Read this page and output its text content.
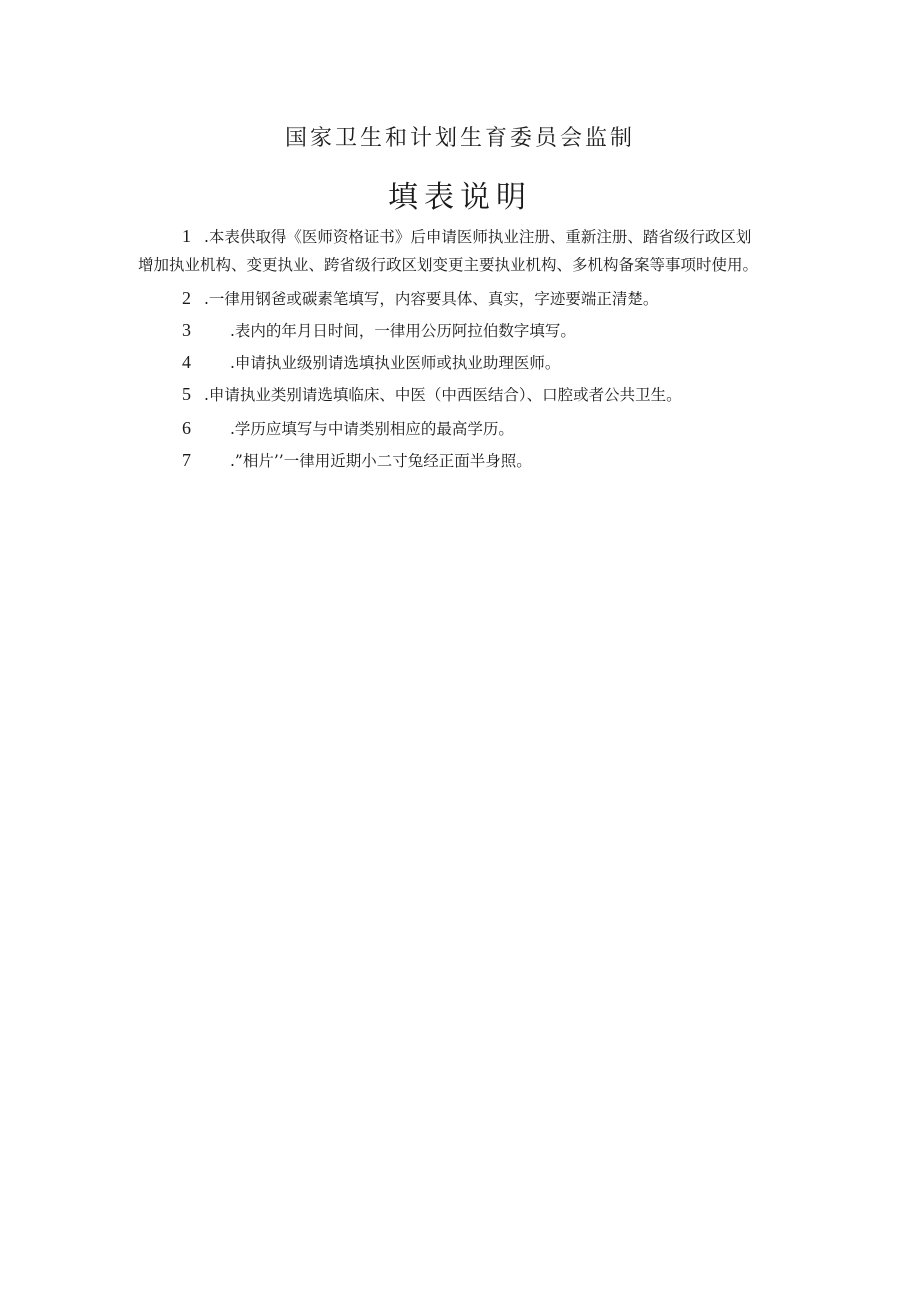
国家卫生和计划生育委员会监制
填表说明
1 .本表供取得《医师资格证书》后申请医师执业注册、重新注册、踏省级行政区划
增加执业机构、变更执业、跨省级行政区划变更主要执业机构、多机构备案等事项时使用。
2 .一律用钢爸或碳素笔填写，内容要具体、真实，字迹要端正清楚。
3	.表内的年月日时间，一律用公历阿拉伯数字填写。
4	.申请执业级别请选填执业医师或执业助理医师。
5 .申请执业类别请选填临床、中医（中西医结合）、口腔或者公共卫生。
6	.学历应填写与中请类别相应的最高学历。
7	.”相片’’一律用近期小二寸兔经正面半身照。
